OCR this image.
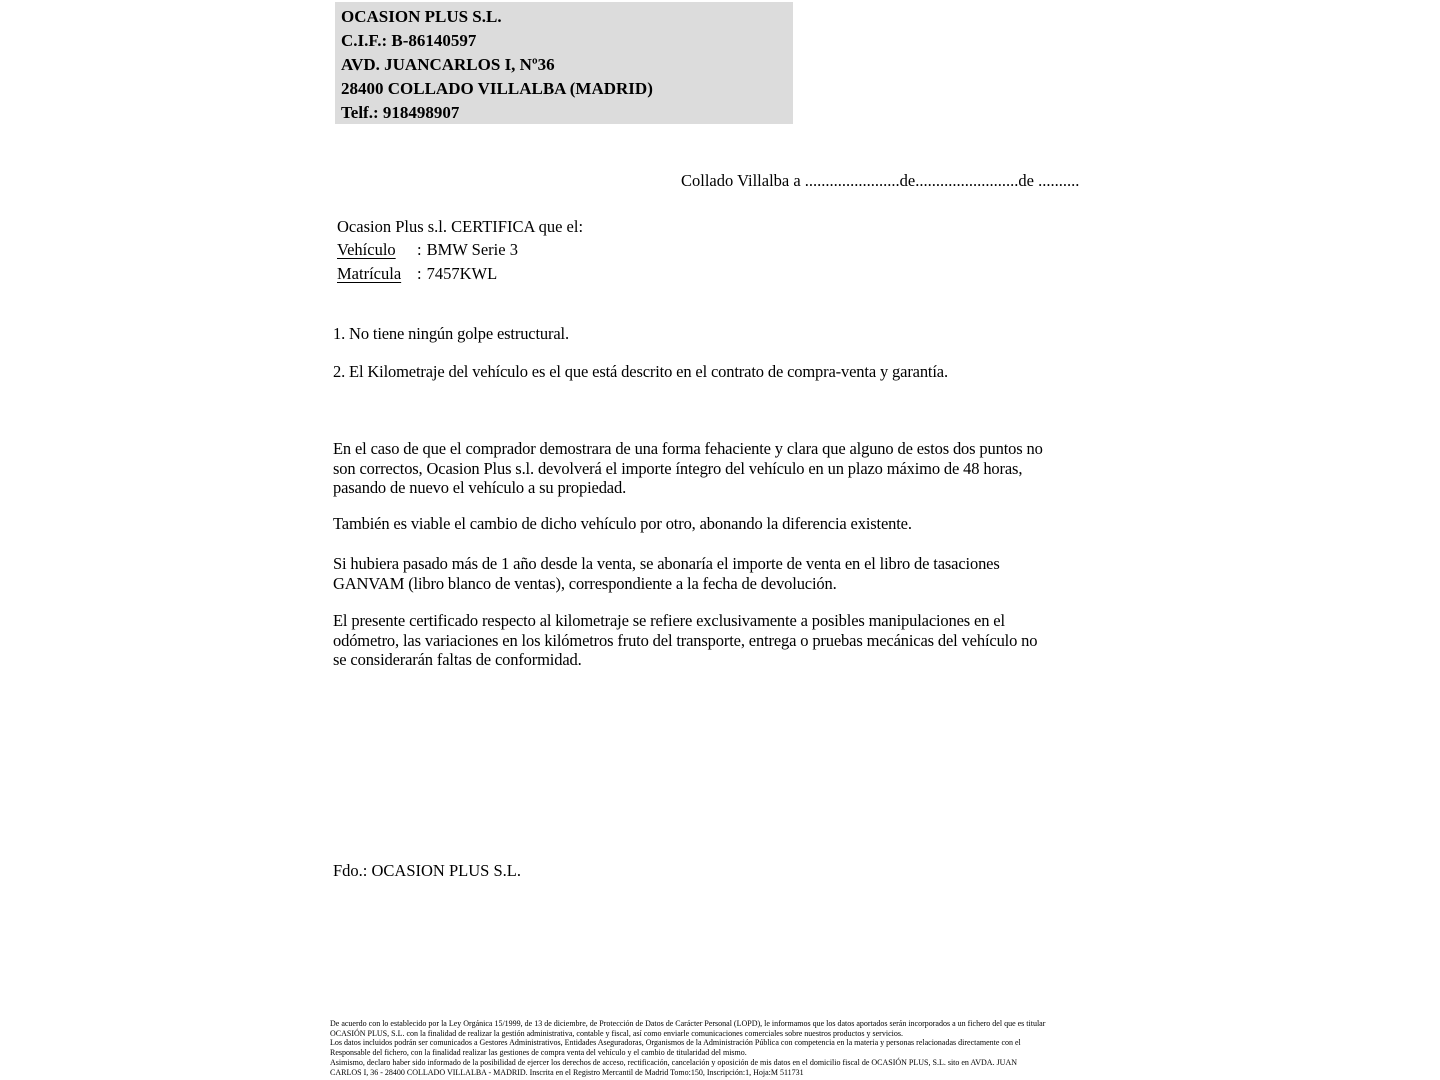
OCASION PLUS S.L.
C.I.F.: B-86140597
AVD. JUANCARLOS I, Nº36
28400 COLLADO VILLALBA (MADRID)
Telf.: 918498907
Collado Villalba a .......................de.........................de ..........
Ocasion Plus s.l. CERTIFICA que el:
Vehículo : BMW Serie 3
Matrícula : 7457KWL
1. No tiene ningún golpe estructural.
2. El Kilometraje del vehículo es el que está descrito en el contrato de compra-venta y garantía.
En el caso de que el comprador demostrara de una forma fehaciente y clara que alguno de estos dos puntos no
son correctos, Ocasion Plus s.l. devolverá el importe íntegro del vehículo en un plazo máximo de 48 horas,
pasando de nuevo el vehículo a su propiedad.
También es viable el cambio de dicho vehículo por otro, abonando la diferencia existente.
Si hubiera pasado más de 1 año desde la venta, se abonaría el importe de venta en el libro de tasaciones
GANVAM (libro blanco de ventas), correspondiente a la fecha de devolución.
El presente certificado respecto al kilometraje se refiere exclusivamente a posibles manipulaciones en el
odómetro, las variaciones en los kilómetros fruto del transporte, entrega o pruebas mecánicas del vehículo no
se considerarán faltas de conformidad.
Fdo.: OCASION PLUS S.L.
De acuerdo con lo establecido por la Ley Orgánica 15/1999, de 13 de diciembre, de Protección de Datos de Carácter Personal (LOPD), le informamos que los datos aportados serán incorporados a un fichero del que es titular
OCASIÓN PLUS, S.L. con la finalidad de realizar la gestión administrativa, contable y fiscal, así como enviarle comunicaciones comerciales sobre nuestros productos y servicios.
Los datos incluidos podrán ser comunicados a Gestores Administrativos, Entidades Aseguradoras, Organismos de la Administración Pública con competencia en la materia y personas relacionadas directamente con el
Responsable del fichero, con la finalidad realizar las gestiones de compra venta del vehículo y el cambio de titularidad del mismo.
Asimismo, declaro haber sido informado de la posibilidad de ejercer los derechos de acceso, rectificación, cancelación y oposición de mis datos en el domicilio fiscal de OCASIÓN PLUS, S.L. sito en AVDA. JUAN
CARLOS I, 36 - 28400 COLLADO VILLALBA - MADRID. Inscrita en el Registro Mercantil de Madrid Tomo:150, Inscripción:1, Hoja:M 511731
